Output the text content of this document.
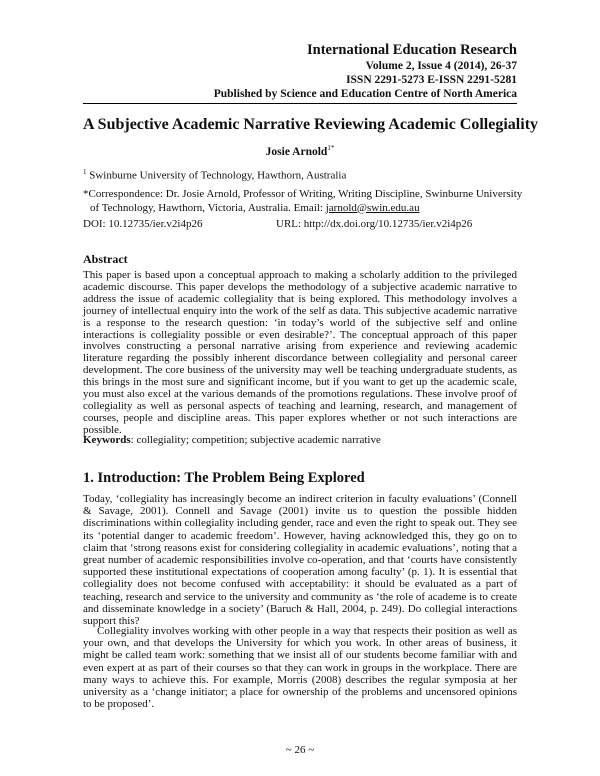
International Education Research
Volume 2, Issue 4 (2014), 26-37
ISSN 2291-5273 E-ISSN 2291-5281
Published by Science and Education Centre of North America
A Subjective Academic Narrative Reviewing Academic Collegiality
Josie Arnold$^{1*}$
$^1$ Swinburne University of Technology, Hawthorn, Australia
*Correspondence: Dr. Josie Arnold, Professor of Writing, Writing Discipline, Swinburne University of Technology, Hawthorn, Victoria, Australia. Email: jarnold@swin.edu.au
DOI: 10.12735/ier.v2i4p26	URL: http://dx.doi.org/10.12735/ier.v2i4p26
Abstract
This paper is based upon a conceptual approach to making a scholarly addition to the privileged academic discourse. This paper develops the methodology of a subjective academic narrative to address the issue of academic collegiality that is being explored. This methodology involves a journey of intellectual enquiry into the work of the self as data. This subjective academic narrative is a response to the research question: ‘in today’s world of the subjective self and online interactions is collegiality possible or even desirable?’. The conceptual approach of this paper involves constructing a personal narrative arising from experience and reviewing academic literature regarding the possibly inherent discordance between collegiality and personal career development. The core business of the university may well be teaching undergraduate students, as this brings in the most sure and significant income, but if you want to get up the academic scale, you must also excel at the various demands of the promotions regulations. These involve proof of collegiality as well as personal aspects of teaching and learning, research, and management of courses, people and discipline areas. This paper explores whether or not such interactions are possible.
Keywords: collegiality; competition; subjective academic narrative
1. Introduction: The Problem Being Explored
Today, ‘collegiality has increasingly become an indirect criterion in faculty evaluations’ (Connell & Savage, 2001). Connell and Savage (2001) invite us to question the possible hidden discriminations within collegiality including gender, race and even the right to speak out. They see its ‘potential danger to academic freedom’. However, having acknowledged this, they go on to claim that ‘strong reasons exist for considering collegiality in academic evaluations’, noting that a great number of academic responsibilities involve co-operation, and that ‘courts have consistently supported these institutional expectations of cooperation among faculty’ (p. 1). It is essential that collegiality does not become confused with acceptability: it should be evaluated as a part of teaching, research and service to the university and community as ‘the role of academe is to create and disseminate knowledge in a society’ (Baruch & Hall, 2004, p. 249). Do collegial interactions support this?
Collegiality involves working with other people in a way that respects their position as well as your own, and that develops the University for which you work. In other areas of business, it might be called team work: something that we insist all of our students become familiar with and even expert at as part of their courses so that they can work in groups in the workplace. There are many ways to achieve this. For example, Morris (2008) describes the regular symposia at her university as a ‘change initiator; a place for ownership of the problems and uncensored opinions to be proposed’.
~ 26 ~
